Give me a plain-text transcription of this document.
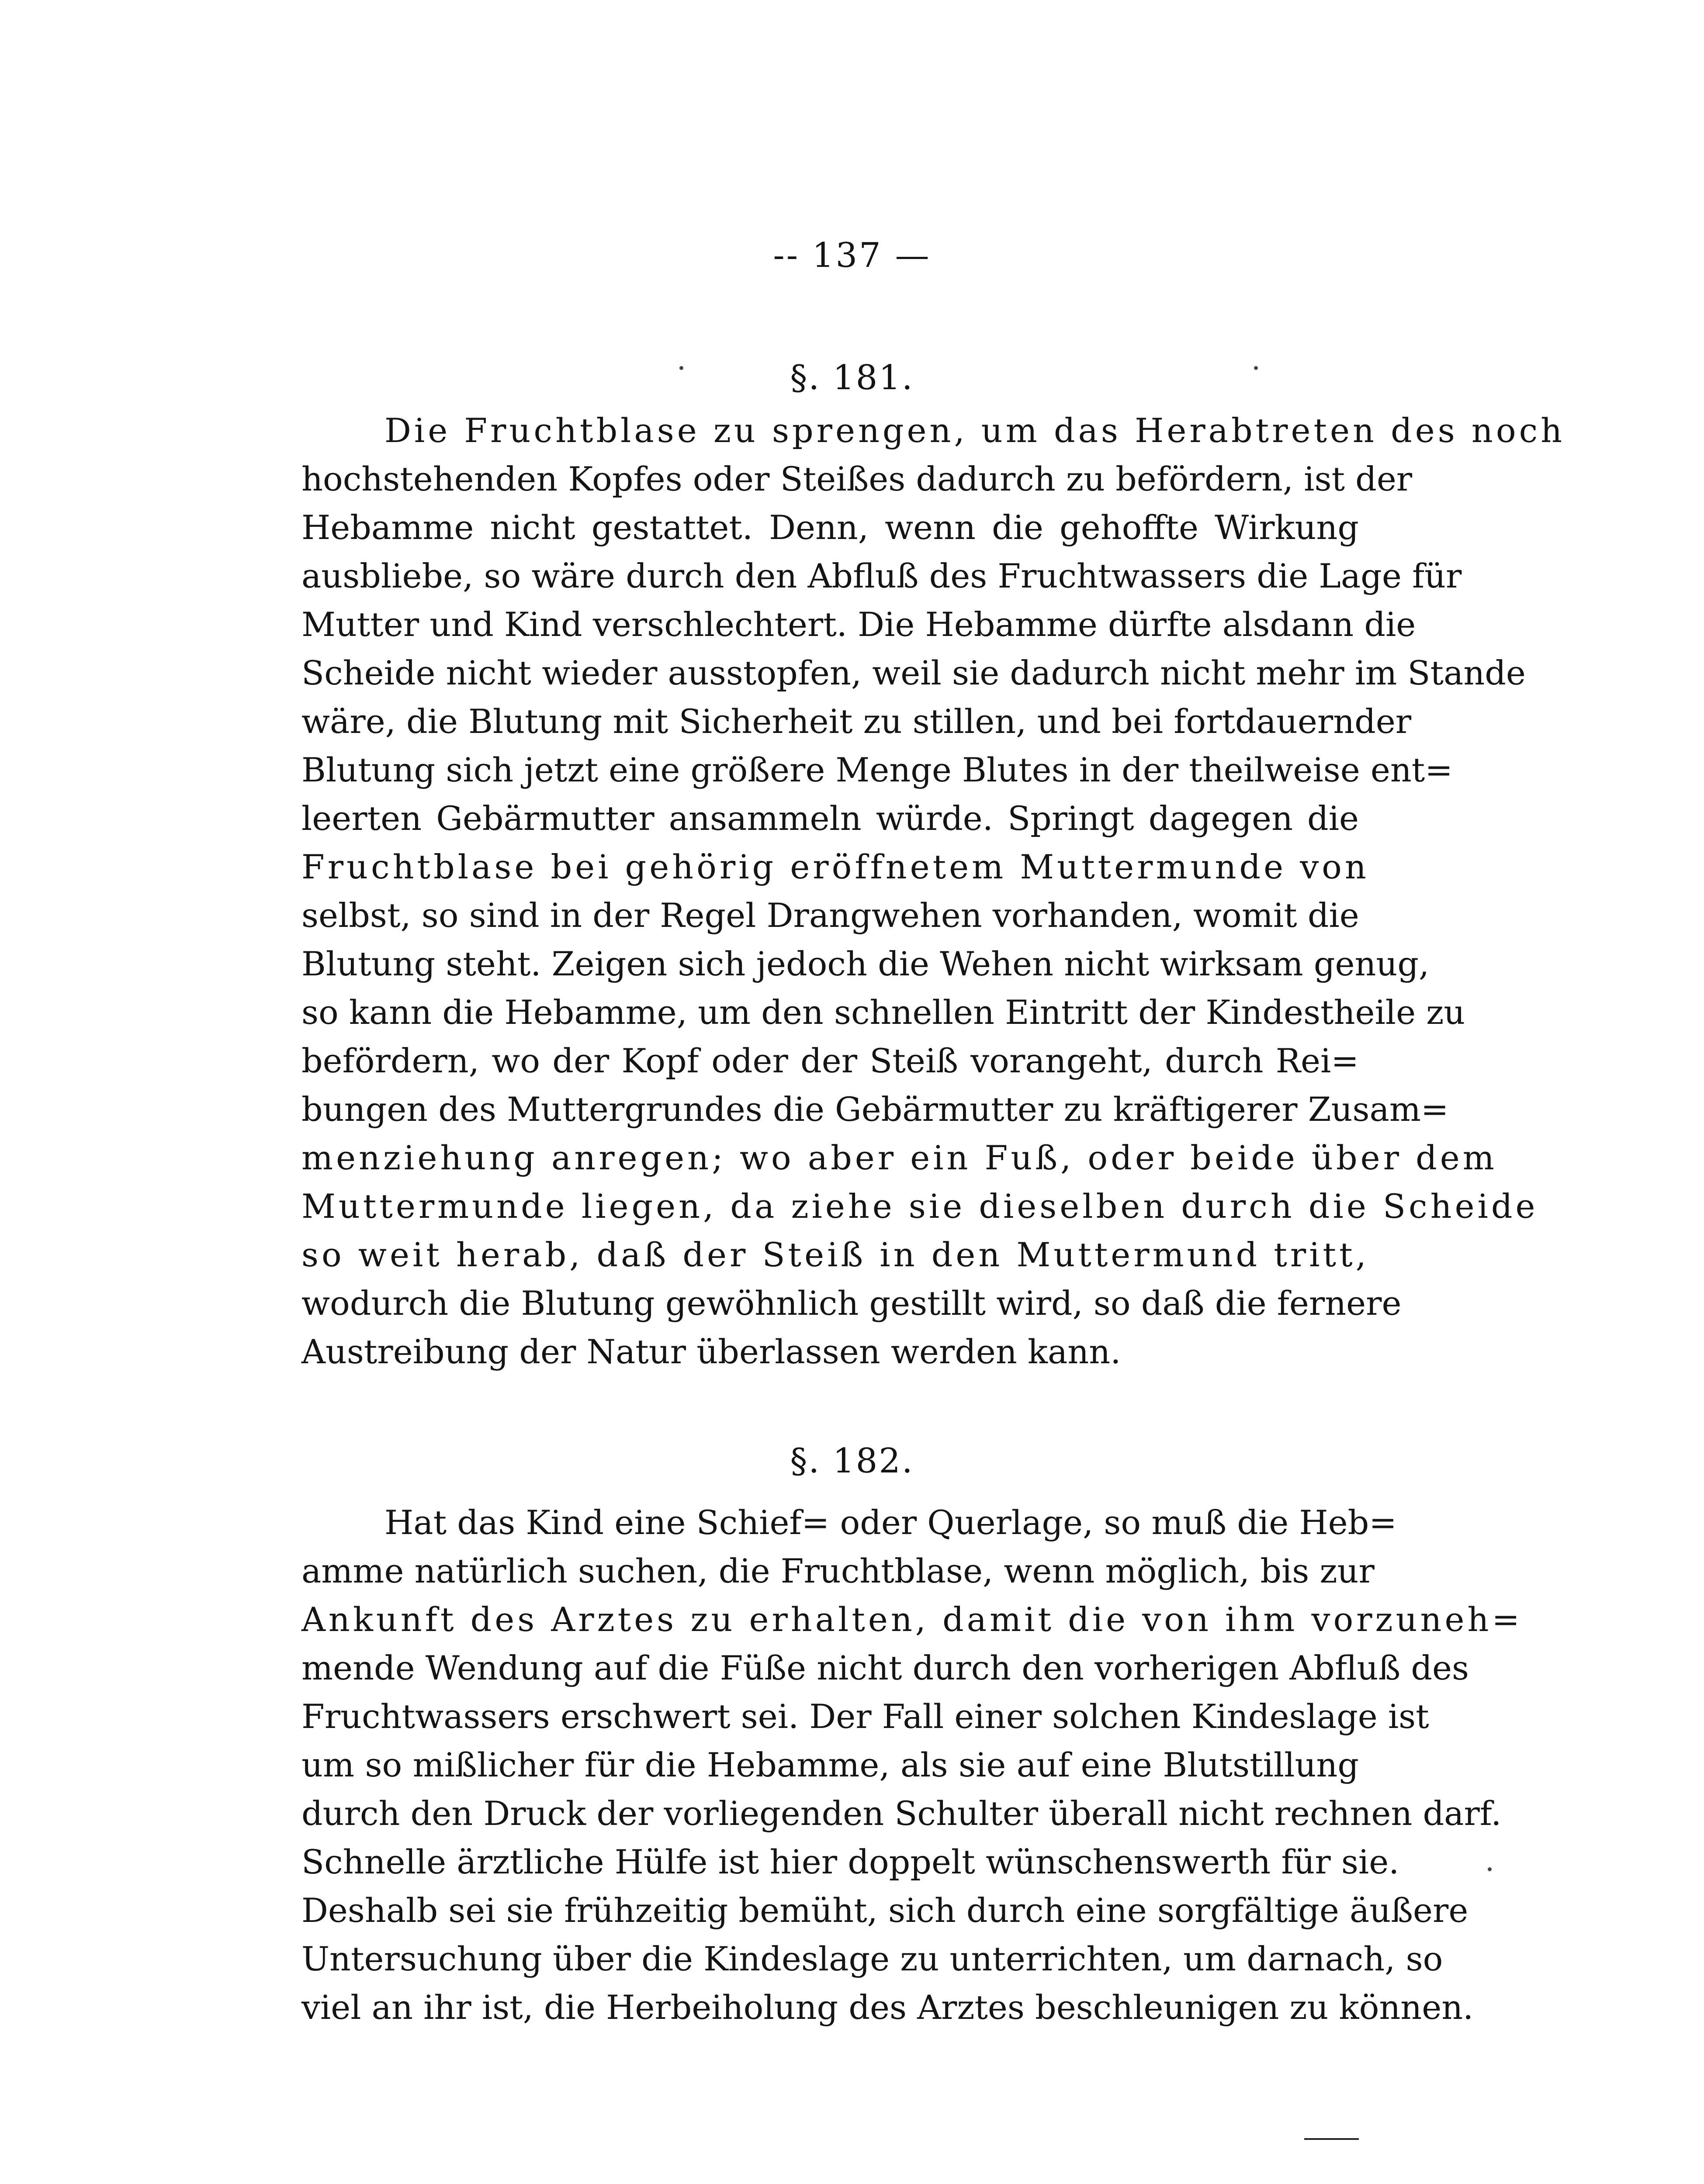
-- 137 —
§. 181.
Die Fruchtblase zu sprengen, um das Herabtreten des noch
hochstehenden Kopfes oder Steißes dadurch zu befördern, ist der
Hebamme nicht gestattet. Denn, wenn die gehoffte Wirkung
ausbliebe, so wäre durch den Abfluß des Fruchtwassers die Lage für
Mutter und Kind verschlechtert. Die Hebamme dürfte alsdann die
Scheide nicht wieder ausstopfen, weil sie dadurch nicht mehr im Stande
wäre, die Blutung mit Sicherheit zu stillen, und bei fortdauernder
Blutung sich jetzt eine größere Menge Blutes in der theilweise ent=
leerten Gebärmutter ansammeln würde. Springt dagegen die
Fruchtblase bei gehörig eröffnetem Muttermunde von
selbst, so sind in der Regel Drangwehen vorhanden, womit die
Blutung steht. Zeigen sich jedoch die Wehen nicht wirksam genug,
so kann die Hebamme, um den schnellen Eintritt der Kindestheile zu
befördern, wo der Kopf oder der Steiß vorangeht, durch Rei=
bungen des Muttergrundes die Gebärmutter zu kräftigerer Zusam=
menziehung anregen; wo aber ein Fuß, oder beide über dem
Muttermunde liegen, da ziehe sie dieselben durch die Scheide
so weit herab, daß der Steiß in den Muttermund tritt,
wodurch die Blutung gewöhnlich gestillt wird, so daß die fernere
Austreibung der Natur überlassen werden kann.
§. 182.
Hat das Kind eine Schief= oder Querlage, so muß die Heb=
amme natürlich suchen, die Fruchtblase, wenn möglich, bis zur
Ankunft des Arztes zu erhalten, damit die von ihm vorzuneh=
mende Wendung auf die Füße nicht durch den vorherigen Abfluß des
Fruchtwassers erschwert sei. Der Fall einer solchen Kindeslage ist
um so mißlicher für die Hebamme, als sie auf eine Blutstillung
durch den Druck der vorliegenden Schulter überall nicht rechnen darf.
Schnelle ärztliche Hülfe ist hier doppelt wünschenswerth für sie.
Deshalb sei sie frühzeitig bemüht, sich durch eine sorgfältige äußere
Untersuchung über die Kindeslage zu unterrichten, um darnach, so
viel an ihr ist, die Herbeiholung des Arztes beschleunigen zu können.
